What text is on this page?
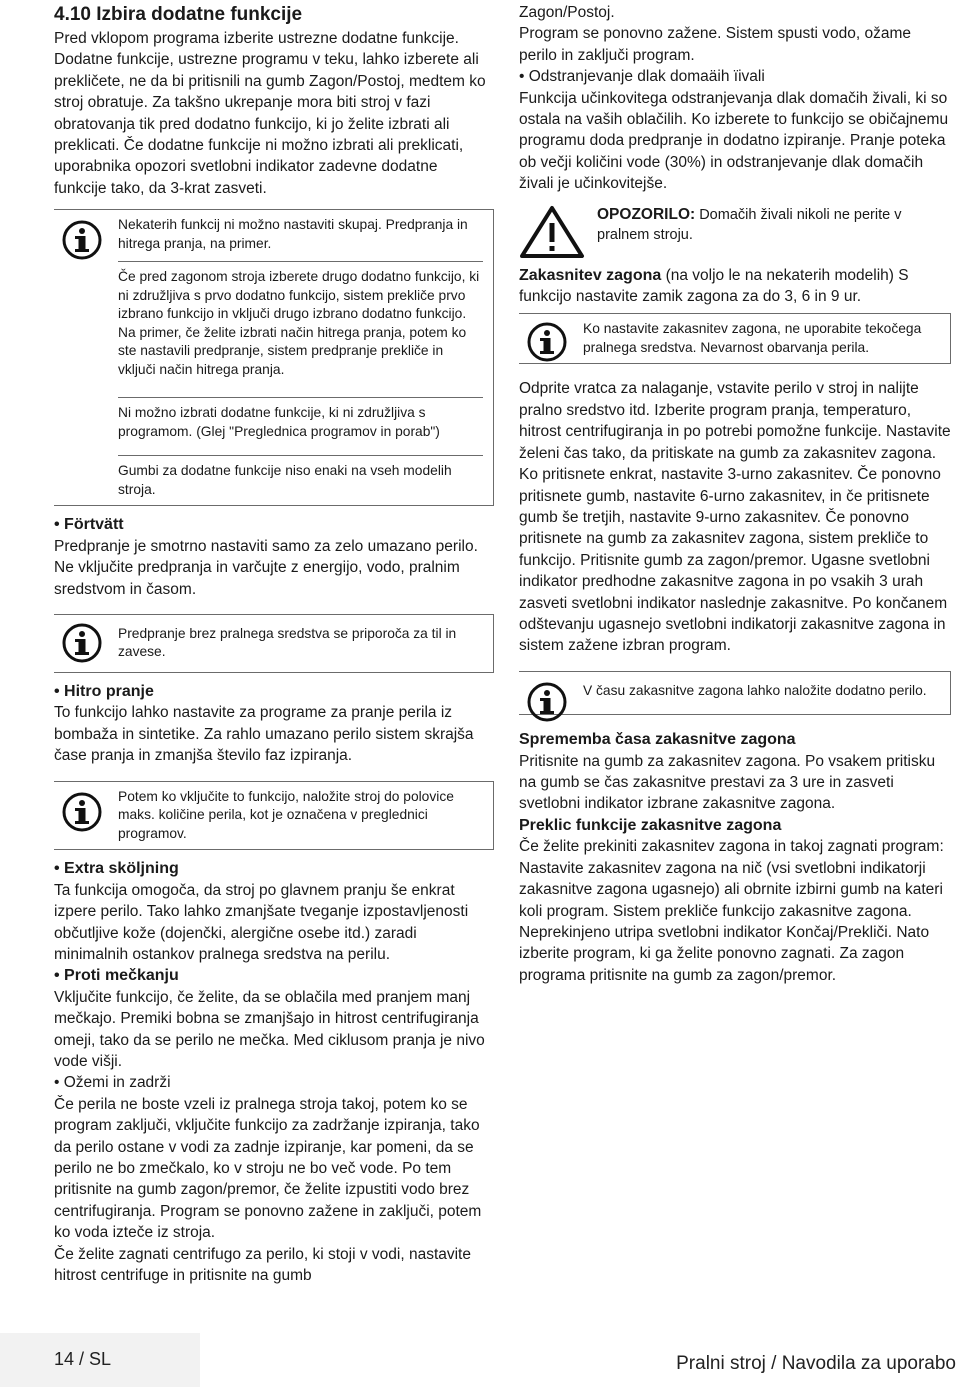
4.10 Izbira dodatne funkcije

Pred vklopom programa izberite ustrezne dodatne funkcije. Dodatne funkcije, ustrezne programu v teku, lahko izberete ali prekličete, ne da bi pritisnili na gumb Zagon/Postoj, medtem ko stroj obratuje. Za takšno ukrepanje mora biti stroj v fazi obratovanja tik pred dodatno funkcijo, ki jo želite izbrati ali preklicati. Če dodatne funkcije ni možno izbrati ali preklicati, uporabnika opozori svetlobni indikator zadevne dodatne funkcije tako, da 3-krat zasveti.

Nekaterih funkcij ni možno nastaviti skupaj. Predpranja in hitrega pranja, na primer.

Če pred zagonom stroja izberete drugo dodatno funkcijo, ki ni združljiva s prvo dodatno funkcijo, sistem prekliče prvo izbrano funkcijo in vključi drugo izbrano dodatno funkcijo. Na primer, če želite izbrati način hitrega pranja, potem ko ste nastavili predpranje, sistem predpranje prekliče in vključi način hitrega pranja.

Ni možno izbrati dodatne funkcije, ki ni združljiva s programom. (Glej "Preglednica programov in porab")

Gumbi za dodatne funkcije niso enaki na vseh modelih stroja.

• Förtvätt

Predpranje je smotrno nastaviti samo za zelo umazano perilo. Ne vključite predpranja in varčujte z energijo, vodo, pralnim sredstvom in časom.

Predpranje brez pralnega sredstva se priporoča za til in zavese.

• Hitro pranje

To funkcijo lahko nastavite za programe za pranje perila iz bombaža in sintetike. Za rahlo umazano perilo sistem skrajša čase pranja in zmanjša število faz izpiranja.

Potem ko vključite to funkcijo, naložite stroj do polovice maks. količine perila, kot je označena v preglednici programov.

• Extra sköljning

Ta funkcija omogoča, da stroj po glavnem pranju še enkrat izpere perilo. Tako lahko zmanjšate tveganje izpostavljenosti občutljive kože (dojenčki, alergične osebe itd.) zaradi minimalnih ostankov pralnega sredstva na perilu.

• Proti mečkanju

Vključite funkcijo, če želite, da se oblačila med pranjem manj mečkajo. Premiki bobna se zmanjšajo in hitrost centrifugiranja omeji, tako da se perilo ne mečka. Med ciklusom pranja je nivo vode višji.

• Ožemi in zadrži

Če perila ne boste vzeli iz pralnega stroja takoj, potem ko se program zaključi, vključite funkcijo za zadržanje izpiranja, tako da perilo ostane v vodi za zadnje izpiranje, kar pomeni, da se perilo ne bo zmečkalo, ko v stroju ne bo več vode. Po tem pritisnite na gumb zagon/premor, če želite izpustiti vodo brez centrifugiranja. Program se ponovno zažene in zaključi, potem ko voda izteče iz stroja.

Če želite zagnati centrifugo za perilo, ki stoji v vodi, nastavite hitrost centrifuge in pritisnite na gumb

Zagon/Postoj.

Program se ponovno zažene. Sistem spusti vodo, ožame perilo in zaključi program.

• Odstranjevanje dlak domaäih ïivali

Funkcija učinkovitega odstranjevanja dlak domačih živali, ki so ostala na vaših oblačilih. Ko izberete to funkcijo se običajnemu programu doda predpranje in dodatno izpiranje. Pranje poteka ob večji količini vode (30%) in odstranjevanje dlak domačih živali je učinkovitejše.

OPOZORILO: Domačih živali nikoli ne perite v pralnem stroju.

Zakasnitev zagona (na voljo le na nekaterih modelih) S funkcijo nastavite zamik zagona za do 3, 6 in 9 ur.

Ko nastavite zakasnitev zagona, ne uporabite tekočega pralnega sredstva. Nevarnost obarvanja perila.

Odprite vratca za nalaganje, vstavite perilo v stroj in nalijte pralno sredstvo itd. Izberite program pranja, temperaturo, hitrost centrifugiranja in po potrebi pomožne funkcije. Nastavite želeni čas tako, da pritiskate na gumb za zakasnitev zagona. Ko pritisnete enkrat, nastavite 3-urno zakasnitev. Če ponovno pritisnete gumb, nastavite 6-urno zakasnitev, in če pritisnete gumb še tretjih, nastavite 9-urno zakasnitev. Če ponovno pritisnete na gumb za zakasnitev zagona, sistem prekliče to funkcijo. Pritisnite gumb za zagon/premor. Ugasne svetlobni indikator predhodne zakasnitve zagona in po vsakih 3 urah zasveti svetlobni indikator naslednje zakasnitve. Po končanem odštevanju ugasnejo svetlobni indikatorji zakasnitve zagona in sistem zažene izbran program.

V času zakasnitve zagona lahko naložite dodatno perilo.

Sprememba časa zakasnitve zagona

Pritisnite na gumb za zakasnitev zagona. Po vsakem pritisku na gumb se čas zakasnitve prestavi za 3 ure in zasveti svetlobni indikator izbrane zakasnitve zagona.

Preklic funkcije zakasnitve zagona

Če želite prekiniti zakasnitev zagona in takoj zagnati program: Nastavite zakasnitev zagona na nič (vsi svetlobni indikatorji zakasnitve zagona ugasnejo) ali obrnite izbirni gumb na kateri koli program. Sistem prekliče funkcijo zakasnitve zagona. Neprekinjeno utripa svetlobni indikator Končaj/Prekliči. Nato izberite program, ki ga želite ponovno zagnati. Za zagon programa pritisnite na gumb za zagon/premor.

14 / SL	Pralni stroj / Navodila za uporabo
